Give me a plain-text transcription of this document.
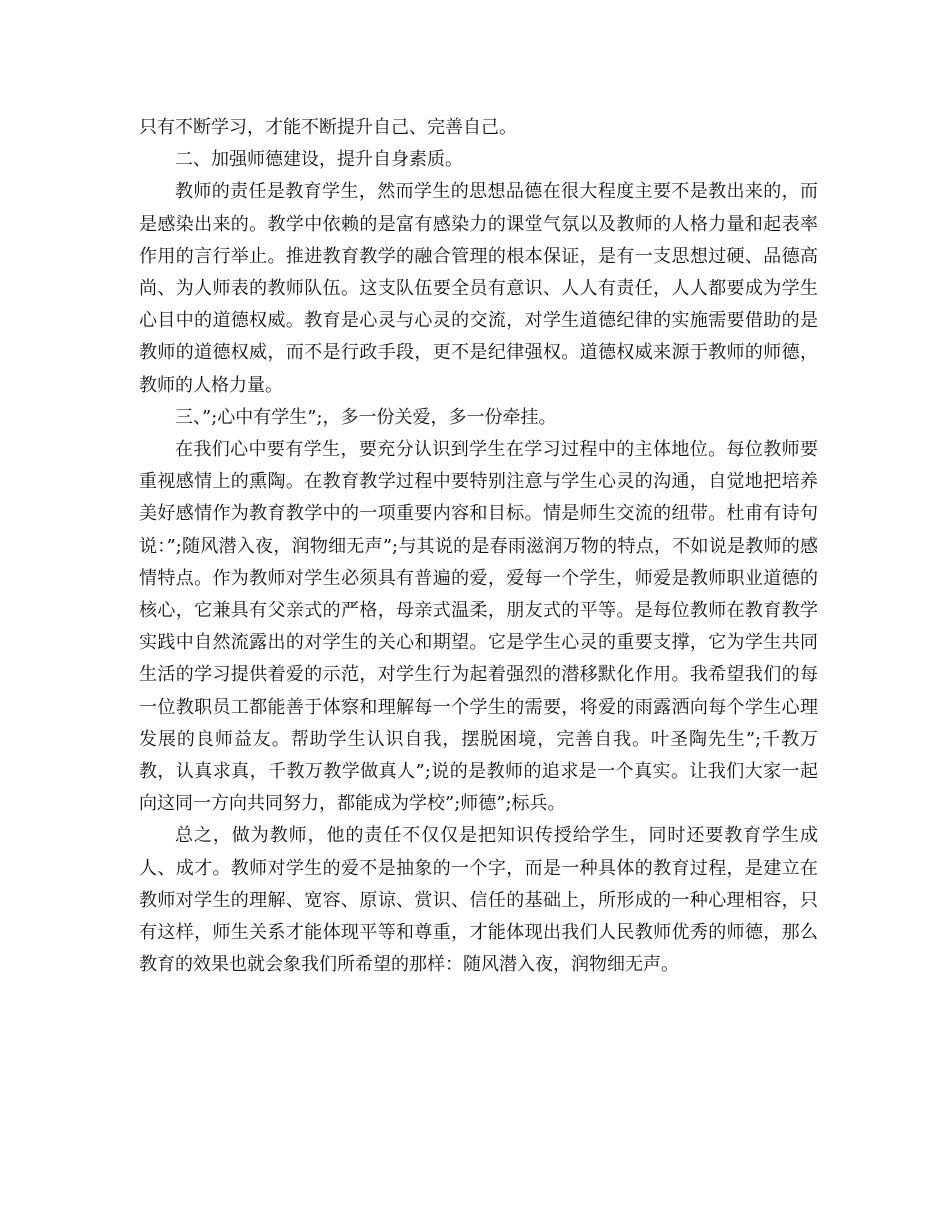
只有不断学习，才能不断提升自己、完善自己。

二、加强师德建设，提升自身素质。

教师的责任是教育学生，然而学生的思想品德在很大程度主要不是教出来的，而是感染出来的。教学中依赖的是富有感染力的课堂气氛以及教师的人格力量和起表率作用的言行举止。推进教育教学的融合管理的根本保证，是有一支思想过硬、品德高尚、为人师表的教师队伍。这支队伍要全员有意识、人人有责任，人人都要成为学生心目中的道德权威。教育是心灵与心灵的交流，对学生道德纪律的实施需要借助的是教师的道德权威，而不是行政手段，更不是纪律强权。道德权威来源于教师的师德，教师的人格力量。

三、”;心中有学生”;，多一份关爱，多一份牵挂。

在我们心中要有学生，要充分认识到学生在学习过程中的主体地位。每位教师要重视感情上的熏陶。在教育教学过程中要特别注意与学生心灵的沟通，自觉地把培养美好感情作为教育教学中的一项重要内容和目标。情是师生交流的纽带。杜甫有诗句说：”;随风潜入夜，润物细无声”;与其说的是春雨滋润万物的特点，不如说是教师的感情特点。作为教师对学生必须具有普遍的爱，爱每一个学生，师爱是教师职业道德的核心，它兼具有父亲式的严格，母亲式温柔，朋友式的平等。是每位教师在教育教学实践中自然流露出的对学生的关心和期望。它是学生心灵的重要支撑，它为学生共同生活的学习提供着爱的示范，对学生行为起着强烈的潜移默化作用。我希望我们的每一位教职员工都能善于体察和理解每一个学生的需要，将爱的雨露洒向每个学生心理发展的良师益友。帮助学生认识自我，摆脱困境，完善自我。叶圣陶先生”;千教万教，认真求真，千教万教学做真人”;说的是教师的追求是一个真实。让我们大家一起向这同一方向共同努力，都能成为学校”;师德”;标兵。

总之，做为教师，他的责任不仅仅是把知识传授给学生，同时还要教育学生成人、成才。教师对学生的爱不是抽象的一个字，而是一种具体的教育过程，是建立在教师对学生的理解、宽容、原谅、赏识、信任的基础上，所形成的一种心理相容，只有这样，师生关系才能体现平等和尊重，才能体现出我们人民教师优秀的师德，那么教育的效果也就会象我们所希望的那样：随风潜入夜，润物细无声。
